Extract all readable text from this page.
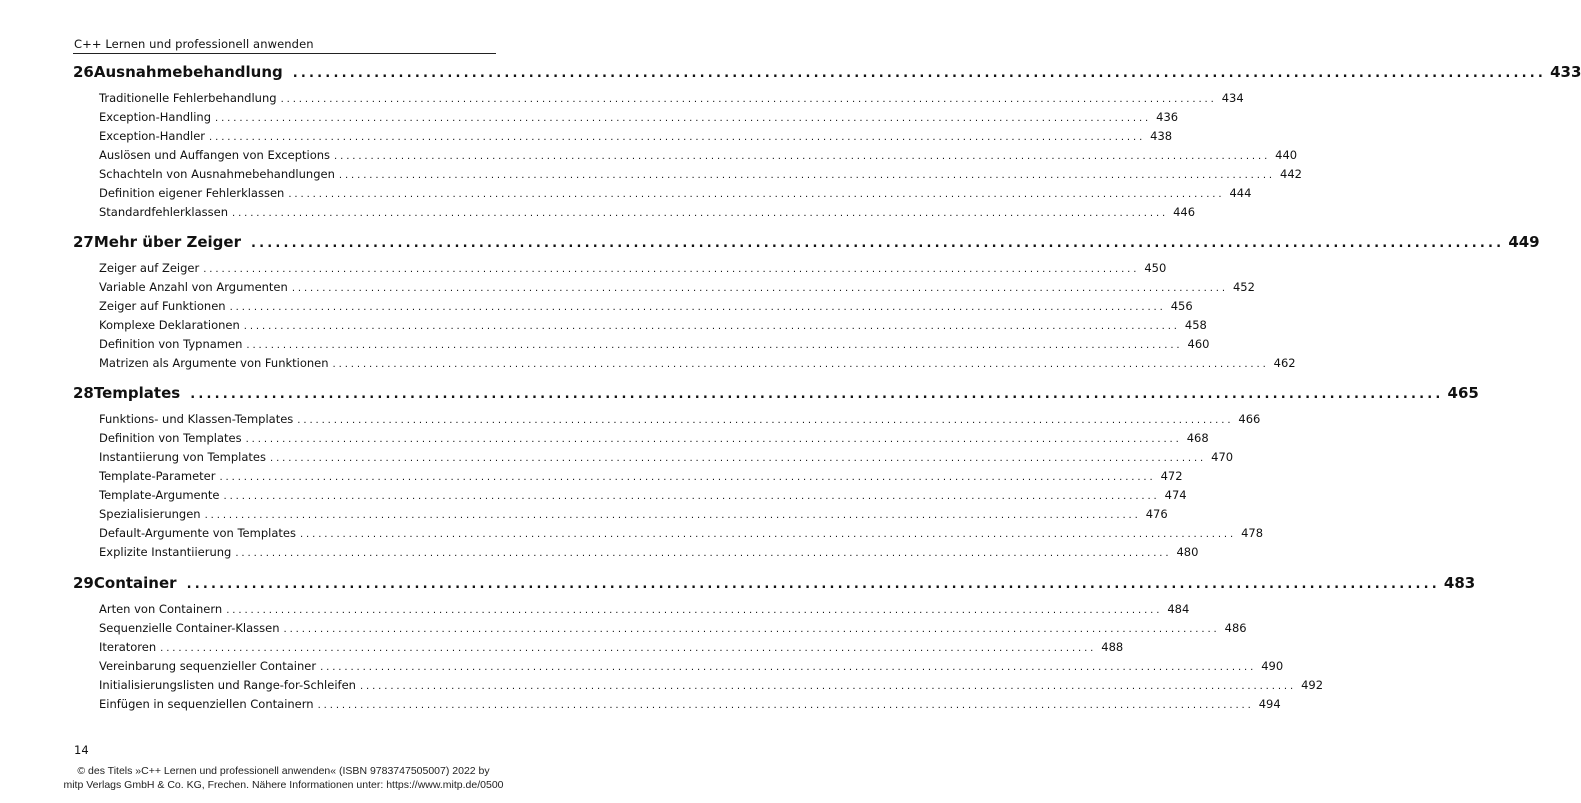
C++ Lernen und professionell anwenden
26 Ausnahmebehandlung .......................................................................................................................................................... 433
Traditionelle Fehlerbehandlung .......................................................................................................................................................... 434
Exception-Handling .......................................................................................................................................................... 436
Exception-Handler .......................................................................................................................................................... 438
Auslösen und Auffangen von Exceptions .......................................................................................................................................................... 440
Schachteln von Ausnahmebehandlungen .......................................................................................................................................................... 442
Definition eigener Fehlerklassen .......................................................................................................................................................... 444
Standardfehlerklassen .......................................................................................................................................................... 446
27 Mehr über Zeiger .......................................................................................................................................................... 449
Zeiger auf Zeiger .......................................................................................................................................................... 450
Variable Anzahl von Argumenten .......................................................................................................................................................... 452
Zeiger auf Funktionen .......................................................................................................................................................... 456
Komplexe Deklarationen .......................................................................................................................................................... 458
Definition von Typnamen .......................................................................................................................................................... 460
Matrizen als Argumente von Funktionen .......................................................................................................................................................... 462
28 Templates .......................................................................................................................................................... 465
Funktions- und Klassen-Templates .......................................................................................................................................................... 466
Definition von Templates .......................................................................................................................................................... 468
Instantiierung von Templates .......................................................................................................................................................... 470
Template-Parameter .......................................................................................................................................................... 472
Template-Argumente .......................................................................................................................................................... 474
Spezialisierungen .......................................................................................................................................................... 476
Default-Argumente von Templates .......................................................................................................................................................... 478
Explizite Instantiierung .......................................................................................................................................................... 480
29 Container .......................................................................................................................................................... 483
Arten von Containern .......................................................................................................................................................... 484
Sequenzielle Container-Klassen .......................................................................................................................................................... 486
Iteratoren .......................................................................................................................................................... 488
Vereinbarung sequenzieller Container .......................................................................................................................................................... 490
Initialisierungslisten und Range-for-Schleifen .......................................................................................................................................................... 492
Einfügen in sequenziellen Containern .......................................................................................................................................................... 494
14
© des Titels »C++ Lernen und professionell anwenden« (ISBN 9783747505007) 2022 by
mitp Verlags GmbH & Co. KG, Frechen. Nähere Informationen unter: https://www.mitp.de/0500
